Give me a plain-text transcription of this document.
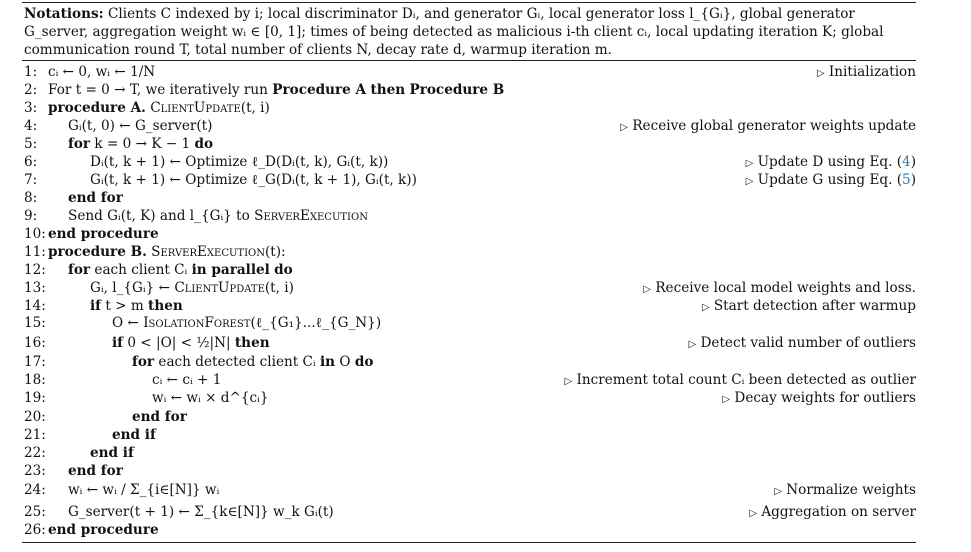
Notations: Clients C indexed by i; local discriminator Dᵢ, and generator Gᵢ, local generator loss l_{Gᵢ}, global generator G_server, aggregation weight wᵢ ∈ [0, 1]; times of being detected as malicious i-th client cᵢ, local updating iteration K; global communication round T, total number of clients N, decay rate d, warmup iteration m.
1: cᵢ ← 0, wᵢ ← 1/N	▷ Initialization
2: For t = 0 → T, we iteratively run Procedure A then Procedure B
3: procedure A. ClientUpdate(t, i)
4:	Gᵢ(t, 0) ← G_server(t)	▷ Receive global generator weights update
5:	for k = 0 → K − 1 do
6:	Dᵢ(t, k + 1) ← Optimize ℓ_D(Dᵢ(t, k), Gᵢ(t, k))	▷ Update D using Eq. (4)
7:	Gᵢ(t, k + 1) ← Optimize ℓ_G(Dᵢ(t, k + 1), Gᵢ(t, k))	▷ Update G using Eq. (5)
8:	end for
9:	Send Gᵢ(t, K) and l_{Gᵢ} to ServerExecution
10: end procedure
11: procedure B. ServerExecution(t):
12: for each client Cᵢ in parallel do
13:	Gᵢ, l_{Gᵢ} ← ClientUpdate(t, i)	▷ Receive local model weights and loss.
14:	if t > m then	▷ Start detection after warmup
15:	O ← IsolationForest(ℓ_{G₁}...ℓ_{G_N})
16:	if 0 < |O| < ½|N| then	▷ Detect valid number of outliers
17:	for each detected client Cᵢ in O do
18:	cᵢ ← cᵢ + 1	▷ Increment total count Cᵢ been detected as outlier
19:	wᵢ ← wᵢ × d^{cᵢ}	▷ Decay weights for outliers
20:	end for
21:	end if
22:	end if
23: end for
24: wᵢ ← wᵢ / Σ_{i∈[N]} wᵢ	▷ Normalize weights
25: G_server(t + 1) ← Σ_{k∈[N]} w_k Gᵢ(t)	▷ Aggregation on server
26: end procedure
